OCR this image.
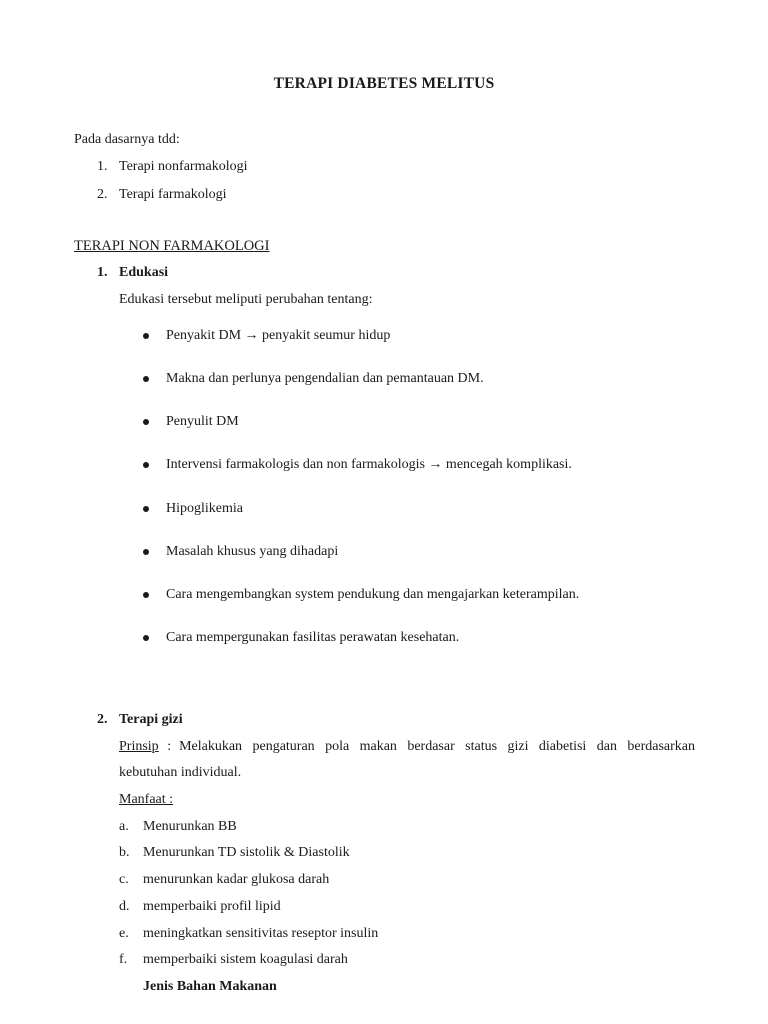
TERAPI DIABETES MELITUS
Pada dasarnya tdd:
1. Terapi nonfarmakologi
2. Terapi farmakologi
TERAPI NON FARMAKOLOGI
1. Edukasi
Edukasi tersebut meliputi perubahan tentang:
Penyakit DM → penyakit seumur hidup
Makna dan perlunya pengendalian dan pemantauan DM.
Penyulit DM
Intervensi farmakologis dan non farmakologis → mencegah komplikasi.
Hipoglikemia
Masalah khusus yang dihadapi
Cara mengembangkan system pendukung dan mengajarkan keterampilan.
Cara mempergunakan fasilitas perawatan kesehatan.
2. Terapi gizi
Prinsip : Melakukan pengaturan pola makan berdasar status gizi diabetisi dan berdasarkan
kebutuhan individual.
Manfaat :
a. Menurunkan BB
b. Menurunkan TD sistolik & Diastolik
c. menurunkan kadar glukosa darah
d. memperbaiki profil lipid
e. meningkatkan sensitivitas reseptor insulin
f. memperbaiki sistem koagulasi darah
Jenis Bahan Makanan
